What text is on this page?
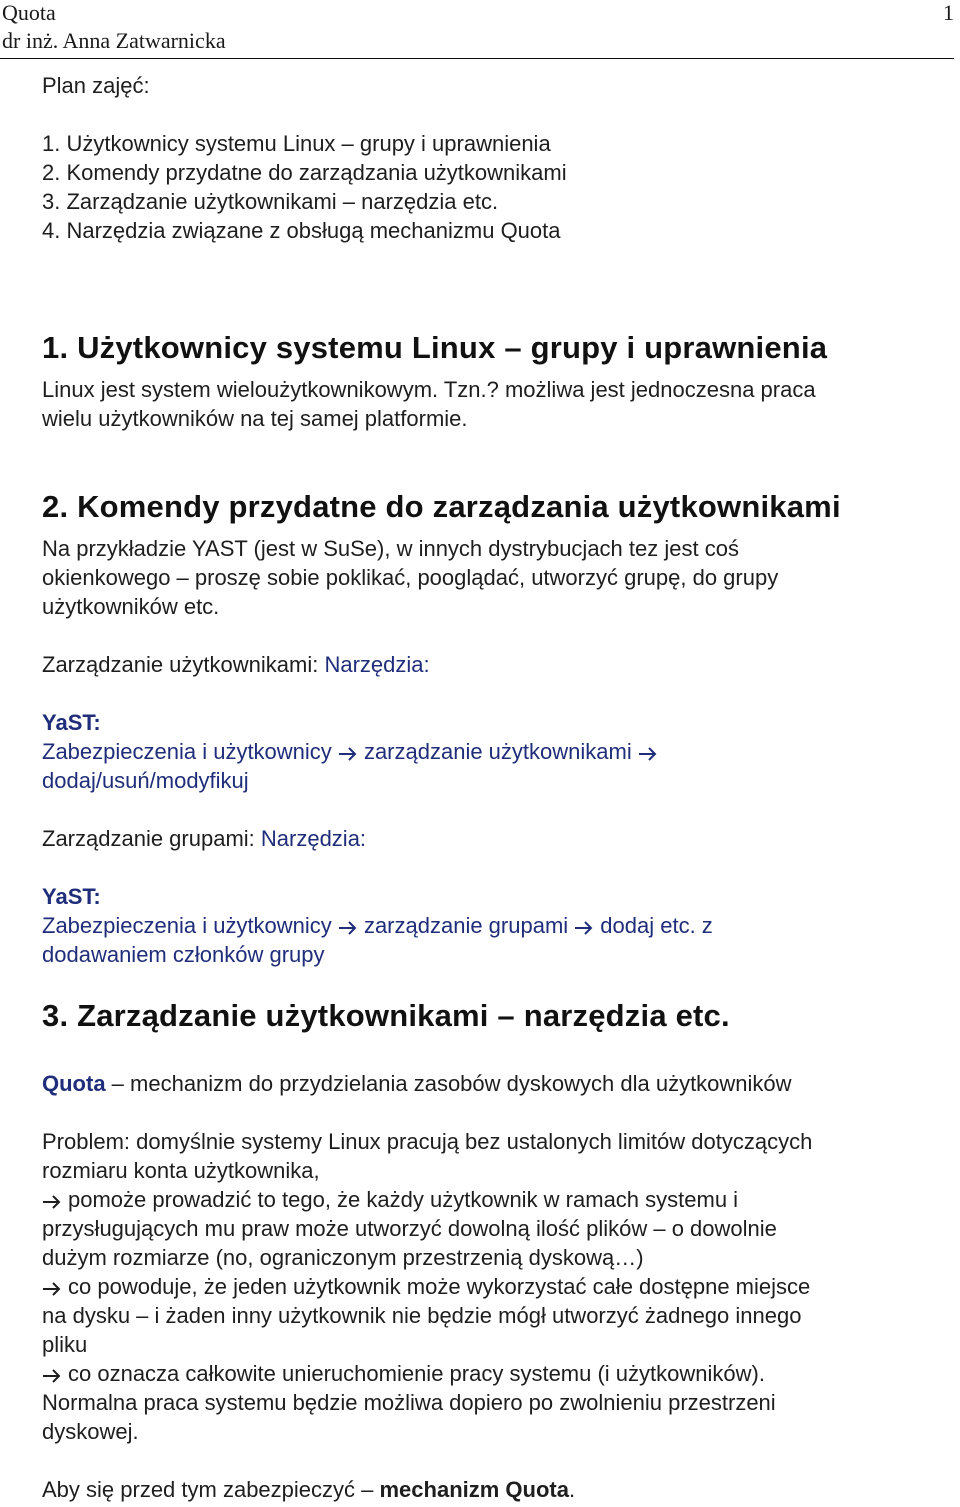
Quota
dr inż. Anna Zatwarnicka
1
Plan zajęć:
1. Użytkownicy systemu Linux – grupy i uprawnienia
2. Komendy przydatne do zarządzania użytkownikami
3. Zarządzanie użytkownikami – narzędzia etc.
4. Narzędzia związane z obsługą mechanizmu Quota
1. Użytkownicy systemu Linux – grupy i uprawnienia
Linux jest system wieloużytkownikowym. Tzn.? możliwa jest jednoczesna praca
wielu użytkowników na tej samej platformie.
2. Komendy przydatne do zarządzania użytkownikami
Na przykładzie YAST (jest w SuSe), w innych dystrybucjach tez jest coś
okienkowego – proszę sobie poklikać, pooglądać, utworzyć grupę, do grupy
użytkowników etc.
Zarządzanie użytkownikami: Narzędzia:
YaST:
Zabezpieczenia i użytkownicy zarządzanie użytkownikami
dodaj/usuń/modyfikuj
Zarządzanie grupami: Narzędzia:
YaST:
Zabezpieczenia i użytkownicy zarządzanie grupami dodaj etc. z
dodawaniem członków grupy
3. Zarządzanie użytkownikami – narzędzia etc.
Quota – mechanizm do przydzielania zasobów dyskowych dla użytkowników
Problem: domyślnie systemy Linux pracują bez ustalonych limitów dotyczących
rozmiaru konta użytkownika,
pomoże prowadzić to tego, że każdy użytkownik w ramach systemu i
przysługujących mu praw może utworzyć dowolną ilość plików – o dowolnie
dużym rozmiarze (no, ograniczonym przestrzenią dyskową…)
co powoduje, że jeden użytkownik może wykorzystać całe dostępne miejsce
na dysku – i żaden inny użytkownik nie będzie mógł utworzyć żadnego innego
pliku
co oznacza całkowite unieruchomienie pracy systemu (i użytkowników).
Normalna praca systemu będzie możliwa dopiero po zwolnieniu przestrzeni
dyskowej.
Aby się przed tym zabezpieczyć – mechanizm Quota.
